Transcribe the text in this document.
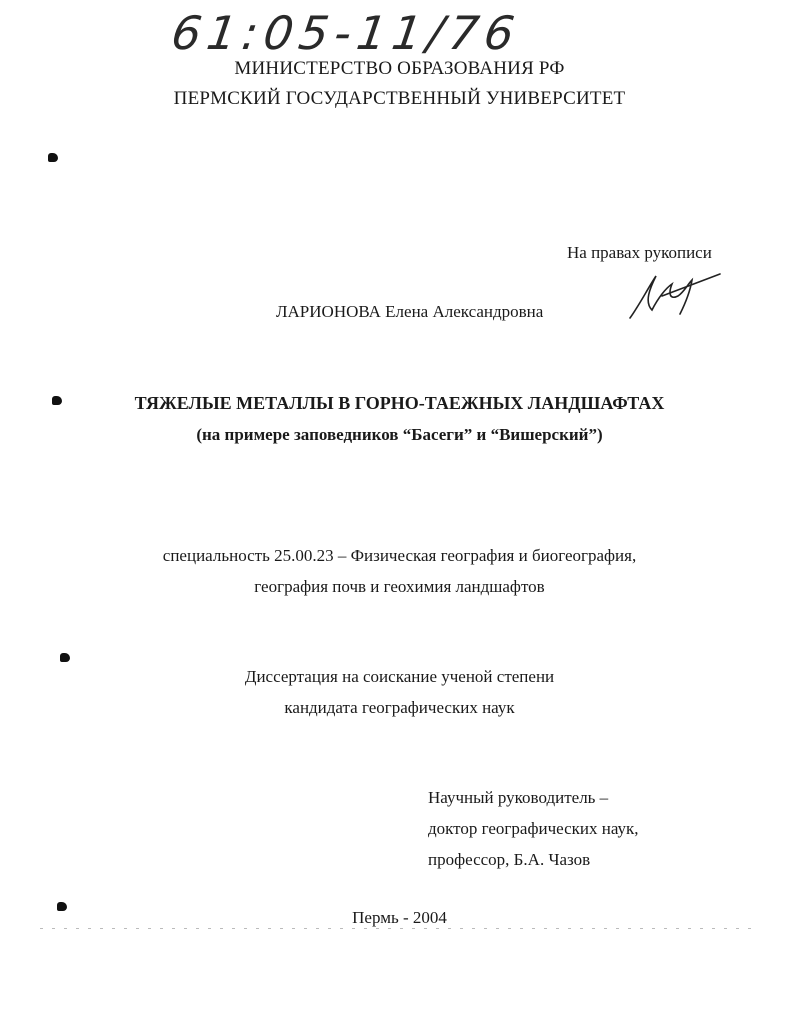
61:05-11/76
МИНИСТЕРСТВО ОБРАЗОВАНИЯ РФ
ПЕРМСКИЙ ГОСУДАРСТВЕННЫЙ УНИВЕРСИТЕТ
На правах рукописи
ЛАРИОНОВА Елена Александровна
ТЯЖЕЛЫЕ МЕТАЛЛЫ В ГОРНО-ТАЕЖНЫХ ЛАНДШАФТАХ
(на примере заповедников “Басеги” и “Вишерский”)
специальность 25.00.23 – Физическая география и биогеография,
география почв и геохимия ландшафтов
Диссертация на соискание ученой степени
кандидата географических наук
Научный руководитель –
доктор географических наук,
профессор, Б.А. Чазов
Пермь - 2004
